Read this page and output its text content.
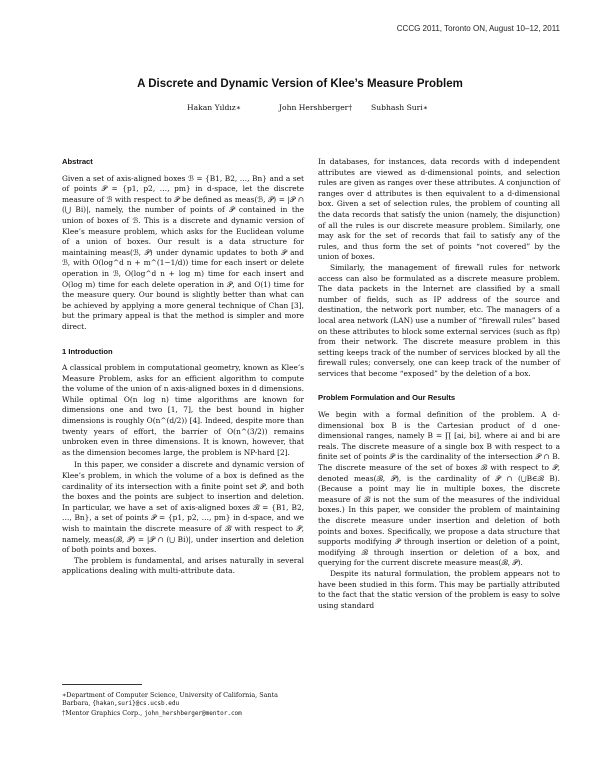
CCCG 2011, Toronto ON, August 10–12, 2011
A Discrete and Dynamic Version of Klee’s Measure Problem
Hakan Yıldız∗	John Hershberger† Subhash Suri∗
Abstract

Given a set of axis-aligned boxes ℬ = {B1, B2, …, Bn} and a set of points 𝒫 = {p1, p2, …, pm} in d-space, let the discrete measure of ℬ with respect to 𝒫 be defined as meas(ℬ, 𝒫) = |𝒫 ∩ (⋃ Bi)|, namely, the number of points of 𝒫 contained in the union of boxes of ℬ. This is a discrete and dynamic version of Klee’s measure problem, which asks for the Euclidean volume of a union of boxes. Our result is a data structure for maintaining meas(ℬ, 𝒫) under dynamic updates to both 𝒫 and ℬ, with O(log^d n + m^(1−1/d)) time for each insert or delete operation in ℬ, O(log^d n + log m) time for each insert and O(log m) time for each delete operation in 𝒫, and O(1) time for the measure query. Our bound is slightly better than what can be achieved by applying a more general technique of Chan [3], but the primary appeal is that the method is simpler and more direct.

1 Introduction

A classical problem in computational geometry, known as Klee’s Measure Problem, asks for an efficient algorithm to compute the volume of the union of n axis-aligned boxes in d dimensions. While optimal O(n log n) time algorithms are known for dimensions one and two [1, 7], the best bound in higher dimensions is roughly O(n^(d/2)) [4]. Indeed, despite more than twenty years of effort, the barrier of O(n^(3/2)) remains unbroken even in three dimensions. It is known, however, that as the dimension becomes large, the problem is NP-hard [2].

In this paper, we consider a discrete and dynamic version of Klee’s problem, in which the volume of a box is defined as the cardinality of its intersection with a finite point set 𝒫, and both the boxes and the points are subject to insertion and deletion. In particular, we have a set of axis-aligned boxes ℬ = {B1, B2, …, Bn}, a set of points 𝒫 = {p1, p2, …, pm} in d-space, and we wish to maintain the discrete measure of ℬ with respect to 𝒫, namely, meas(ℬ, 𝒫) = |𝒫 ∩ (⋃ Bi)|, under insertion and deletion of both points and boxes.

The problem is fundamental, and arises naturally in several applications dealing with multi-attribute data.

In databases, for instances, data records with d independent attributes are viewed as d-dimensional points, and selection rules are given as ranges over these attributes. A conjunction of ranges over d attributes is then equivalent to a d-dimensional box. Given a set of selection rules, the problem of counting all the data records that satisfy the union (namely, the disjunction) of all the rules is our discrete measure problem. Similarly, one may ask for the set of records that fail to satisfy any of the rules, and thus form the set of points “not covered” by the union of boxes.

Similarly, the management of firewall rules for network access can also be formulated as a discrete measure problem. The data packets in the Internet are classified by a small number of fields, such as IP address of the source and destination, the network port number, etc. The managers of a local area network (LAN) use a number of “firewall rules” based on these attributes to block some external services (such as ftp) from their network. The discrete measure problem in this setting keeps track of the number of services blocked by all the firewall rules; conversely, one can keep track of the number of services that become “exposed” by the deletion of a box.

Problem Formulation and Our Results

We begin with a formal definition of the problem. A d-dimensional box B is the Cartesian product of d one-dimensional ranges, namely B = ∏ [ai, bi], where ai and bi are reals. The discrete measure of a single box B with respect to a finite set of points 𝒫 is the cardinality of the intersection 𝒫 ∩ B. The discrete measure of the set of boxes ℬ with respect to 𝒫, denoted meas(ℬ, 𝒫), is the cardinality of 𝒫 ∩ (⋃B∈ℬ B). (Because a point may lie in multiple boxes, the discrete measure of ℬ is not the sum of the measures of the individual boxes.) In this paper, we consider the problem of maintaining the discrete measure under insertion and deletion of both points and boxes. Specifically, we propose a data structure that supports modifying 𝒫 through insertion or deletion of a point, modifying ℬ through insertion or deletion of a box, and querying for the current discrete measure meas(ℬ, 𝒫).

Despite its natural formulation, the problem appears not to have been studied in this form. This may be partially attributed to the fact that the static version of the problem is easy to solve using standard

∗Department of Computer Science, University of California, Santa Barbara, {hakan,suri}@cs.ucsb.edu
†Mentor Graphics Corp., john_hershberger@mentor.com
